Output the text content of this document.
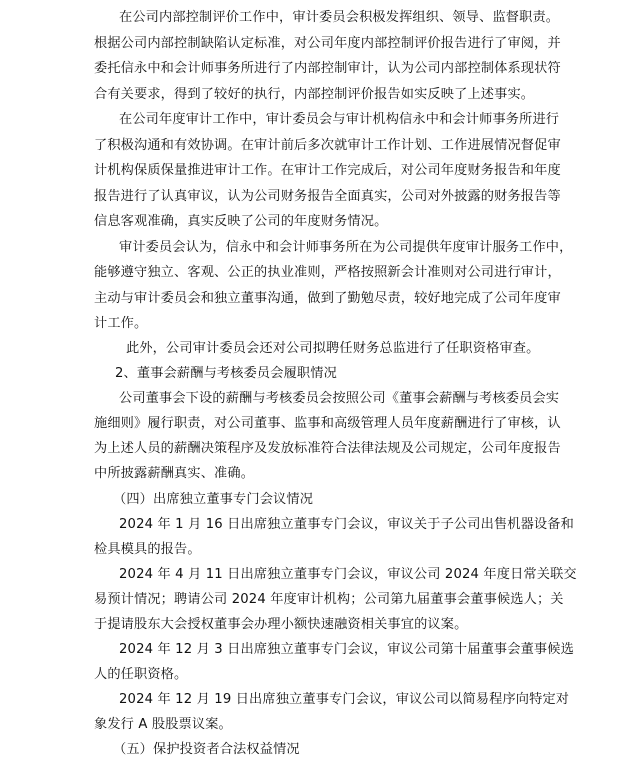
在公司内部控制评价工作中，审计委员会积极发挥组织、领导、监督职责。
根据公司内部控制缺陷认定标准，对公司年度内部控制评价报告进行了审阅，并
委托信永中和会计师事务所进行了内部控制审计，认为公司内部控制体系现状符
合有关要求，得到了较好的执行，内部控制评价报告如实反映了上述事实。
在公司年度审计工作中，审计委员会与审计机构信永中和会计师事务所进行
了积极沟通和有效协调。在审计前后多次就审计工作计划、工作进展情况督促审
计机构保质保量推进审计工作。在审计工作完成后，对公司年度财务报告和年度
报告进行了认真审议，认为公司财务报告全面真实，公司对外披露的财务报告等
信息客观准确，真实反映了公司的年度财务情况。
审计委员会认为，信永中和会计师事务所在为公司提供年度审计服务工作中，
能够遵守独立、客观、公正的执业准则，严格按照新会计准则对公司进行审计，
主动与审计委员会和独立董事沟通，做到了勤勉尽责，较好地完成了公司年度审
计工作。
此外，公司审计委员会还对公司拟聘任财务总监进行了任职资格审查。
2、董事会薪酬与考核委员会履职情况
公司董事会下设的薪酬与考核委员会按照公司《董事会薪酬与考核委员会实
施细则》履行职责，对公司董事、监事和高级管理人员年度薪酬进行了审核，认
为上述人员的薪酬决策程序及发放标准符合法律法规及公司规定，公司年度报告
中所披露薪酬真实、准确。
（四）出席独立董事专门会议情况
2024 年 1 月 16 日出席独立董事专门会议，审议关于子公司出售机器设备和
检具模具的报告。
2024 年 4 月 11 日出席独立董事专门会议，审议公司 2024 年度日常关联交
易预计情况；聘请公司 2024 年度审计机构；公司第九届董事会董事候选人；关
于提请股东大会授权董事会办理小额快速融资相关事宜的议案。
2024 年 12 月 3 日出席独立董事专门会议，审议公司第十届董事会董事候选
人的任职资格。
2024 年 12 月 19 日出席独立董事专门会议，审议公司以简易程序向特定对
象发行 A 股股票议案。
（五）保护投资者合法权益情况
